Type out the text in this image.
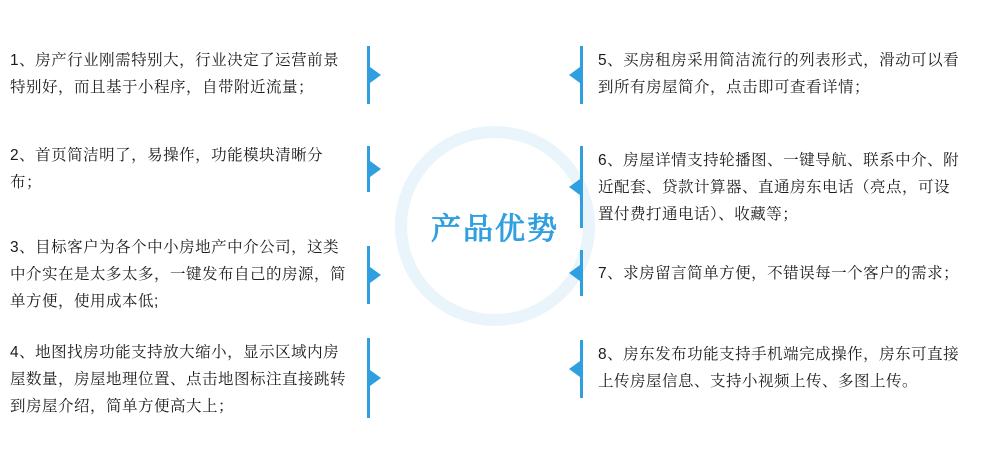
产品优势
1、房产行业刚需特别大，行业决定了运营前景特别好，而且基于小程序，自带附近流量；
2、首页简洁明了，易操作，功能模块清晰分布；
3、目标客户为各个中小房地产中介公司，这类中介实在是太多太多，一键发布自己的房源，简单方便，使用成本低;
4、地图找房功能支持放大缩小，显示区域内房屋数量，房屋地理位置、点击地图标注直接跳转到房屋介绍，简单方便高大上；
5、买房租房采用简洁流行的列表形式，滑动可以看到所有房屋简介，点击即可查看详情；
6、房屋详情支持轮播图、一键导航、联系中介、附近配套、贷款计算器、直通房东电话（亮点，可设置付费打通电话）、收藏等；
7、求房留言简单方便，不错误每一个客户的需求；
8、房东发布功能支持手机端完成操作，房东可直接上传房屋信息、支持小视频上传、多图上传。
